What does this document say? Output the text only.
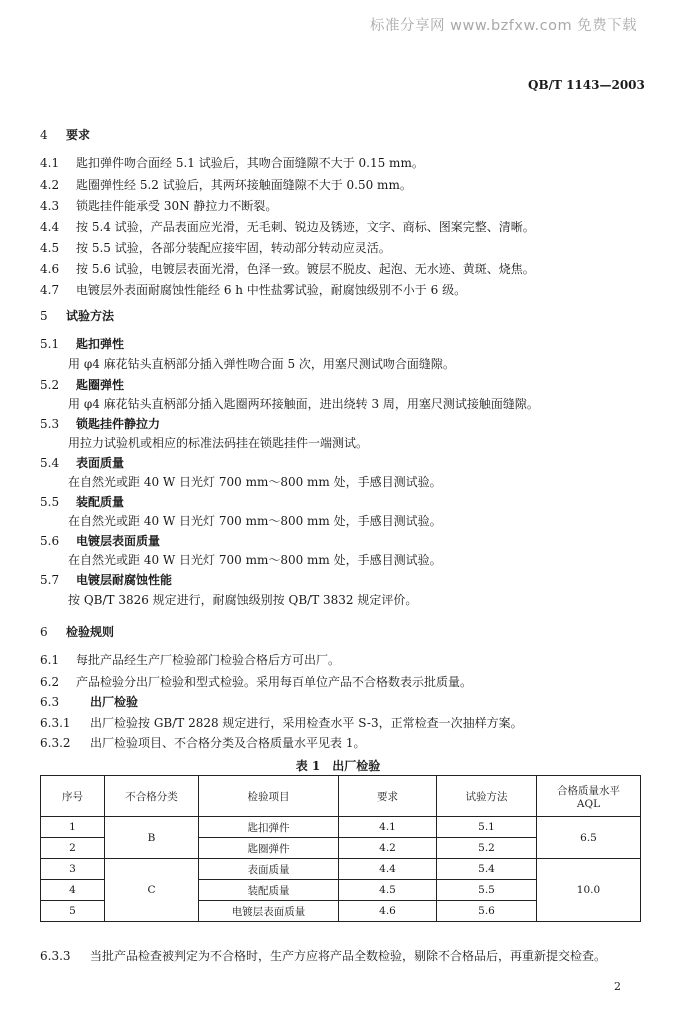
标准分享网 www.bzfxw.com 免费下载
QB/T 1143—2003
4 要求
4.1 匙扣弹件吻合面经 5.1 试验后，其吻合面缝隙不大于 0.15 mm。
4.2 匙圈弹性经 5.2 试验后，其两环接触面缝隙不大于 0.50 mm。
4.3 锁匙挂件能承受 30N 静拉力不断裂。
4.4 按 5.4 试验，产品表面应光滑，无毛刺、锐边及锈迹，文字、商标、图案完整、清晰。
4.5 按 5.5 试验，各部分装配应接牢固，转动部分转动应灵活。
4.6 按 5.6 试验，电镀层表面光滑，色泽一致。镀层不脱皮、起泡、无水迹、黄斑、烧焦。
4.7 电镀层外表面耐腐蚀性能经 6 h 中性盐雾试验，耐腐蚀级别不小于 6 级。
5 试验方法
5.1 匙扣弹性
用 φ4 麻花钻头直柄部分插入弹性吻合面 5 次，用塞尺测试吻合面缝隙。
5.2 匙圈弹性
用 φ4 麻花钻头直柄部分插入匙圈两环接触面，进出绕转 3 周，用塞尺测试接触面缝隙。
5.3 锁匙挂件静拉力
用拉力试验机或相应的标准法码挂在锁匙挂件一端测试。
5.4 表面质量
在自然光或距 40 W 日光灯 700 mm～800 mm 处，手感目测试验。
5.5 装配质量
在自然光或距 40 W 日光灯 700 mm～800 mm 处，手感目测试验。
5.6 电镀层表面质量
在自然光或距 40 W 日光灯 700 mm～800 mm 处，手感目测试验。
5.7 电镀层耐腐蚀性能
按 QB/T 3826 规定进行，耐腐蚀级别按 QB/T 3832 规定评价。
6 检验规则
6.1 每批产品经生产厂检验部门检验合格后方可出厂。
6.2 产品检验分出厂检验和型式检验。采用每百单位产品不合格数表示批质量。
6.3	出厂检验
6.3.1 出厂检验按 GB/T 2828 规定进行，采用检查水平 S-3，正常检查一次抽样方案。
6.3.2 出厂检验项目、不合格分类及合格质量水平见表 1。
表 1　出厂检验
序号	不合格分类	检验项目	要求	试验方法	合格质量水平
AQL

1	B	匙扣弹件	4.1	5.1	6.5
2		匙圈弹件	4.2	5.2	
3	C	表面质量	4.4	5.4	10.0
4		装配质量	4.5	5.5	
5		电镀层表面质量	4.6	5.6	
6.3.3 当批产品检查被判定为不合格时，生产方应将产品全数检验，剔除不合格品后，再重新提交检查。
2
